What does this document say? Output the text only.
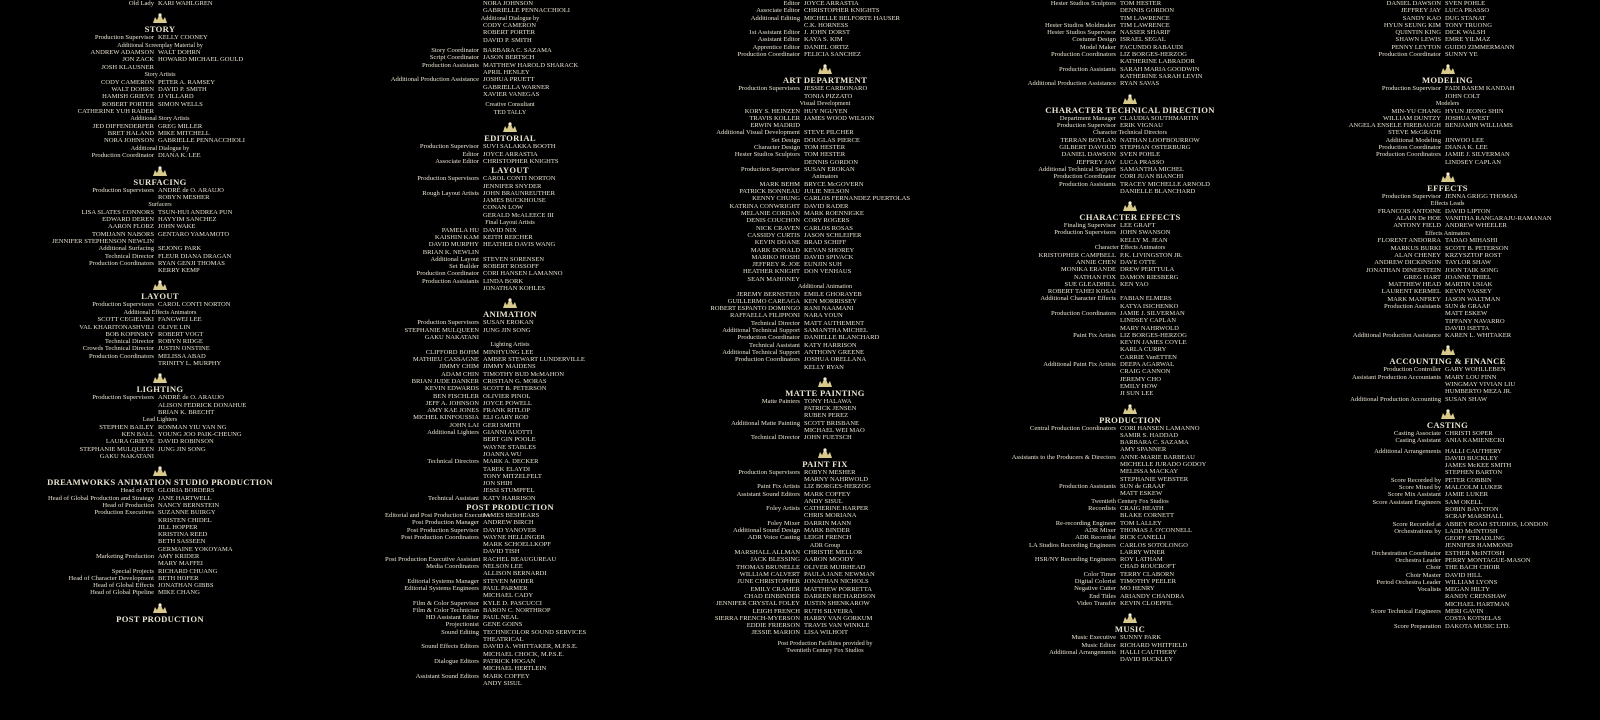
Old Lady KARI WAHLGREN
STORY
Production Supervisor KELLY COONEY
Additional Screenplay Material by
ANDREW ADAMSON WALT DOHRN
JON ZACK HOWARD MICHAEL GOULD
JOSH KLAUSNER
Story Artists
CODY CAMERON PETER A. RAMSEY
WALT DOHRN DAVID P. SMITH
HAMISH GRIEVE JJ VILLARD
ROBERT PORTER SIMON WELLS
CATHERINE YUH RADER
Additional Story Artists
JED DIFFENDERFER GREG MILLER
BRET HALAND MIKE MITCHELL
NORA JOHNSON GABRIELLE PENNACCHIOLI
Additional Dialogue by
Production Coordinator DIANA K. LEE
SURFACING
Production Supervisors ANDRÉ de O. ARAUJO
ROBYN MESHER
Surfacers
LISA SLATES CONNORS TSUN-HUI ANDREA PUN
EDWARD DEREN HAYYIM SANCHEZ
AARON FLORZ JOHN WAKE
TOMIJANN NABORS GENTARO YAMAMOTO
JENNIFER STEPHENSON NEWLIN
Additional Surfacing SEJONG PARK
Technical Director FLEUR DIANA DRAGAN
Production Coordinators RYAN GENJI THOMAS
KERRY KEMP
LAYOUT
Production Supervisors CAROL CONTI NORTON
Additional Effects Animators
SCOTT CEGIELSKI FANGWEI LEE
VAL KHARITONASHVILI OLIVE LIN
BOB KOPINSKY ROBERT VOGT
Technical Director ROBYN RIDGE
Crowds Technical Director JUSTIN ONSTINE
Production Coordinators MELISSA ABAD
TRINITY L. MURPHY
LIGHTING
Production Supervisors ANDRÉ de O. ARAUJO
ALISON FEDRICK DONAHUE
BRIAN K. BRECHT
Lead Lighters
STEPHEN BAILEY RONMAN YIU YAN NG
KEN BALL YOUNG JOO PAIK-CHEUNG
LAURA GRIEVE DAVID ROBINSON
STEPHANIE MULQUEEN JUNG JIN SONG
GAKU NAKATANI
DREAMWORKS ANIMATION STUDIO PRODUCTION
Head of PDI GLORIA BORDERS
Head of Global Production and Strategy JANE HARTWELL
Head of Production NANCY BERNSTEIN
Production Executives SUZANNE BUIRGY
KRISTEN CHIDEL
JILL HOPPER
KRISTINA REED
BETH SASSEEN
GERMAINE YOKOYAMA
Marketing Production AMY KRIDER
MARY MAFFEI
Special Projects RICHARD CHUANG
Head of Character Development BETH HOFER
Head of Global Effects JONATHAN GIBBS
Head of Global Pipeline MIKE CHANG
POST PRODUCTION
NORA JOHNSON
GABRIELLE PENNACCHIOLI
Additional Dialogue by
CODY CAMERON
ROBERT PORTER
DAVID P. SMITH
Story Coordinator BARBARA C. SAZAMA
Script Coordinator JASON BERTSCH
Production Assistants MATTHEW HAROLD SHARACK
APRIL HENLEY
Additional Production Assistance JOSHUA PRUETT
GABRIELLA WARNER
XAVIER VANEGAS
Creative Consultant
TED TALLY
EDITORIAL
Production Supervisor SUVI SALAKKA BOOTH
Editor JOYCE ARRASTIA
Associate Editor CHRISTOPHER KNIGHTS
LAYOUT
Production Supervisors CAROL CONTI NORTON
JENNIFER SNYDER
Rough Layout Artists JOHN BRAUNREUTHER
JAMES BUCKHOUSE
CONAN LOW
GERALD McALEECE III
Final Layout Artists
PAMELA HU DAVID NIX
KAISHIN KAM KEITH REICHER
DAVID MURPHY HEATHER DAVIS WANG
BRIAN K. NEWLIN
Additional Layout STEVEN SORENSEN
Set Builder ROBERT ROSSOFF
Production Coordinator CORI HANSEN LAMANNO
Production Assistants LINDA BORK
JONATHAN KOHLES
ANIMATION
Production Supervisors SUSAN EROKAN
STEPHANIE MULQUEEN JUNG JIN SONG
GAKU NAKATANI
Lighting Artists
CLIFFORD BOHM MINHYUNG LEE
MATHIEU CASSAGNE AMBER STEWART LUNDERVILLE
JIMMY CHIM JIMMY MAIDENS
ADAM CHIN TIMOTHY BUD McMAHON
BRIAN JUDE DANKER CRISTIAN G. MORAS
KEVIN EDWARDS SCOTT B. PETERSON
BEN FISCHLER OLIVIER PINOL
JEFF A. JOHNSON JOYCE POWELL
AMY KAE JONES FRANK RITLOP
MICHEL KINFOUSSIA ELI GARY ROD
JOHN LAI GERI SMITH
Additional Lighters GIANNI AUOTTI
BERT GIN POOLE
WAYNE STABLES
JOANNA WU
Technical Directors MARK A. DECKER
TAREK ELAYDI
TONY MITZELFELT
JON SHIH
JESSI STUMPFEL
Technical Assistant KATY HARRISON
POST PRODUCTION
Editorial and Post Production Executive
JAMES BESHEARS
Post Production Manager ANDREW BIRCH
Post Production Supervisor DAVID YANOVER
Post Production Coordinators WAYNE HELLINGER
MARK SCHOELLKOPF
DAVID TISH
Post Production Executive Assistant RACHEL BEAUGUREAU
Media Coordinators NELSON LEE
ALLISON BERNARDI
Editorial Systems Manager STEVEN MODER
Editorial Systems Engineers PAUL PARMER
MICHAEL CADY
Film & Color Supervisor KYLE D. PASCUCCI
Film & Color Technician BARON C. NORTHROP
HD Assistant Editor PAUL NEAL
Projectionist GENE GOINS
Sound Editing TECHNICOLOR SOUND SERVICES
THEATRICAL
Sound Effects Editors DAVID A. WHITTAKER, M.P.S.E.
MICHAEL CHOCK, M.P.S.E.
Dialogue Editors PATRICK HOGAN
MICHAEL HERTLEIN
Assistant Sound Editors MARK COFFEY
ANDY SISUL
Editor JOYCE ARRASTIA
Associate Editor CHRISTOPHER KNIGHTS
Additional Editing MICHELLE BELFORTE HAUSER
C.K. HORNESS
1st Assistant Editor J. JOHN DORST
Assistant Editor KAYA S. KIM
Apprentice Editor DANIEL ORTIZ
Production Coordinator FELICIA SANCHEZ
ART DEPARTMENT
Production Supervisors JESSIE CARBONARO
TONIA PIZZATO
Visual Development
KORY S. HEINZEN HUY NGUYEN
TRAVIS KOLLER JAMES WOOD WILSON
ERWIN MADRID
Additional Visual Development STEVE PILCHER
Set Design DOUGLAS PIERCE
Character Design TOM HESTER
Hester Studios Sculptors TOM HESTER
DENNIS GORDON
Production Supervisor SUSAN EROKAN
Animators
MARK BEHM BRYCE McGOVERN
PATRICK BONNEAU JULIE NELSON
KENNY CHUNG CARLOS FERNANDEZ PUERTOLAS
KATRINA CONWRIGHT DAVID RADER
MELANIE CORDAN MARK ROENNIGKE
DENIS COUCHON CORY ROGERS
NICK CRAVEN CARLOS ROSAS
CASSIDY CURTIS JASON SCHLEIFER
KEVIN DOANE BRAD SCHIFF
MARK DONALD KEVAN SHOREY
MARIKO HOSHI DAVID SPIVACK
JEFFREY R. JOE EUNJIN SUH
HEATHER KNIGHT DON VENHAUS
SEAN MAHONEY
Additional Animation
JEREMY BERNSTEIN EMILE GHORAYEB
GUILLERMO CAREAGA KEN MORRISSEY
ROBERT ESPANTO DOMINGO RANI NAAMANI
RAFFAELLA FILIPPONI NARA YOUN
Technical Director MATT AUTHEMENT
Additional Technical Support SAMANTHA MICHEL
Production Coordinator DANIELLE BLANCHARD
Technical Assistant KATY HARRISON
Additional Technical Support ANTHONY GREENE
Production Coordinators JOSHUA ORELLANA
KELLY RYAN
MATTE PAINTING
Matte Painters TONY HALAWA
PATRICK JENSEN
RUBEN PEREZ
Additional Matte Painting SCOTT BRISBANE
MICHAEL WEI MAO
Technical Director JOHN FUETSCH
PAINT FIX
Production Supervisors ROBYN MESHER
MARNY NAHRWOLD
Paint Fix Artists LIZ BORGES-HERZOG
Assistant Sound Editors MARK COFFEY
ANDY SISUL
Foley Artists CATHERINE HARPER
CHRIS MORIANA
Foley Mixer DARRIN MANN
Additional Sound Design MARK BINDER
ADR Voice Casting LEIGH FRENCH
ADR Group
MARSHALL ALLMAN CHRISTIE MELLOR
JACK BLESSING AARON MOODY
THOMAS BRUNELLE OLIVER MUIRHEAD
WILLIAM CALVERT PAULA JANE NEWMAN
JUNE CHRISTOPHER JONATHAN NICHOLS
EMILY CRAMER MATTHEW PORRETTA
CHAD EINBINDER DARREN RICHARDSON
JENNIFER CRYSTAL FOLEY JUSTIN SHENKAROW
LEIGH FRENCH RUTH SILVEIRA
SIERRA FRENCH-MYERSON HARRY VAN GORKUM
EDDIE FRIERSON TRAVIS VAN WINKLE
JESSIE MARION LISA WILHOIT
Post Production Facilities provided by
Twentieth Century Fox Studios
Hester Studios Sculptors TOM HESTER
DENNIS GORDON
TIM LAWRENCE
Hester Studios Moldmaker TIM LAWRENCE
Hester Studios Supervisor NASSER SHARIF
Costume Design ISRAEL SEGAL
Model Maker FACUNDO RABAUDI
Production Coordinators LIZ BORGES-HERZOG
KATHERINE LABRADOR
Production Assistants SARAH MARIA GOODWIN
KATHERINE SARAH LEVIN
Additional Production Assistance RYAN SAVAS
CHARACTER TECHNICAL DIRECTION
Department Manager CLAUDIA SOUTHMARTIN
Production Supervisor ERIK VIGNAU
Character Technical Directors
TERRAN BOYLAN NATHAN LOOFBOURROW
GILBERT DAVOUD STEPHAN OSTERBURG
DANIEL DAWSON SVEN POHLE
JEFFREY JAY LUCA PRASSO
Additional Technical Support SAMANTHA MICHEL
Production Coordinator CORI JUAN BIANCHI
Production Assistants TRACEY MICHELLE ARNOLD
DANIELLE BLANCHARD
CHARACTER EFFECTS
Finaling Supervisor LEE GRAFT
Production Supervisors JOHN SWANSON
KELLY M. JEAN
Character Effects Animators
KRISTOPHER CAMPBELL P.K. LIVINGSTON JR.
ANNIE CHEN DAVE OTTE
MONIKA ERANDE DREW PERTTULA
NATHAN FOX DAMON RIESBERG
SUE GLEADHILL KEN YAO
ROBERT TAHEI KOSAI
Additional Character Effects FABIAN ELMERS
KATYA ISICHENKO
Production Coordinators JAMIE J. SILVERMAN
LINDSEY CAPLAN
MARY NAHRWOLD
Paint Fix Artists LIZ BORGES-HERZOG
KEVIN JAMES COYLE
KARLA CURRY
CARRIE VanETTEN
Additional Paint Fix Artists DEEPA AGARWAL
CRAIG CANNON
JEREMY CHO
EMILY HOW
JI SUN LEE
PRODUCTION
Central Production Coordinators CORI HANSEN LAMANNO
SAMIR S. HADDAD
BARBARA C. SAZAMA
AMY SPANNER
Assistants to the Producers & Directors ANNE-MARIE BARBEAU
MICHELLE JURADO GODOY
MELISSA MACKAY
STEPHANIE WEBSTER
Production Assistants SUN de GRAAF
MATT ESKEW
Twentieth Century Fox Studios
Recordists CRAIG HEATH
BLAKE CORNETT
Re-recording Engineer TOM LALLEY
ADR Mixer THOMAS J. O'CONNELL
ADR Recordist RICK CANELLI
LA Studios Recording Engineers CARLOS SOTOLONGO
LARRY WINER
HSR/NY Recording Engineers ROY LATHAM
CHAD ROUCROFT
Color Timer TERRY CLABORN
Digital Colorist TIMOTHY PEELER
Negative Cutter MO HENRY
End Titles ARIANDY CHANDRA
Video Transfer KEVIN CLOEPFIL
MUSIC
Music Executive SUNNY PARK
Music Editor RICHARD WHITFIELD
Additional Arrangements HALLI CAUTHERY
DAVID BUCKLEY
DANIEL DAWSON SVEN POHLE
JEFFREY JAY LUCA PRASSO
SANDY KAO DUG STANAT
HYUN SEUNG KIM TONY TRUONG
QUINTIN KING DICK WALSH
SHAWN LEWIS EMRE YILMAZ
PENNY LEYTON GUIDO ZIMMERMANN
Production Coordinator SUNNY YE
MODELING
Production Supervisor FADI BASEM KANDAH
JOHN COLT
Modelers
MIN-YU CHANG HYUN JEONG SHIN
WILLIAM DUNTZY JOSHUA WEST
ANGELA ENSELE FIREBAUGH BENJAMIN WILLIAMS
STEVE McGRATH
Additional Modeling JINWOO LEE
Production Coordinator DIANA K. LEE
Production Coordinators JAMIE J. SILVERMAN
LINDSEY CAPLAN
EFFECTS
Production Supervisor JENNA GRIGG THOMAS
Effects Leads
FRANCOIS ANTOINE DAVID LIPTON
ALAIN De HOE VANITHA RANGARAJU-RAMANAN
ANTONY FIELD ANDREW WHEELER
Effects Animators
FLORENT ANDORRA TADAO MIHASHI
MARKUS BURKI SCOTT B. PETERSON
ALAN CHENEY KRZYSZTOF ROST
ANDREW DICKINSON TAYLOR SHAW
JONATHAN DINERSTEIN JOON TAIK SONG
GREG HART JOANNE THIEL
MATTHEW HEAD MARTIN USIAK
LAURENT KERMEL KEVIN VASSEY
MARK MANFREY JASON WALTMAN
Production Assistants SUN de GRAAF
MATT ESKEW
TIFFANY NAVARRO
DAVID ISETTA
Additional Production Assistance KAREN L. WHITAKER
ACCOUNTING & FINANCE
Production Controller GARY WOHLLEBEN
Assistant Production Accountants MARY LOU FINN
WINGMAY VIVIAN LIU
HUMBERTO MEZA JR.
Additional Production Accounting SUSAN SHAW
CASTING
Casting Associate CHRISTI SOPER
Casting Assistant ANIA KAMIENECKI
Additional Arrangements HALLI CAUTHERY
DAVID BUCKLEY
JAMES McKEE SMITH
STEPHEN BARTON
Score Recorded by PETER COBBIN
Score Mixed by MALCOLM LUKER
Score Mix Assistant JAMIE LUKER
Score Assistant Engineers SAM OKELL
ROBIN BAYNTON
SCRAP MARSHALL
Score Recorded at ABBEY ROAD STUDIOS, LONDON
Orchestrations by LADD McINTOSH
GEOFF STRADLING
JENNIFER HAMMOND
Orchestration Coordinator ESTHER McINTOSH
Orchestra Leader PERRY MONTAGUE-MASON
Choir THE BACH CHOIR
Choir Master DAVID HILL
Period Orchestra Leader WILLIAM LYONS
Vocalists MEGAN HILTY
RANDY CRENSHAW
MICHAEL HARTMAN
Score Technical Engineers MERI GAVIN
COSTA KOTSELAS
Score Preparation DAKOTA MUSIC LTD.
